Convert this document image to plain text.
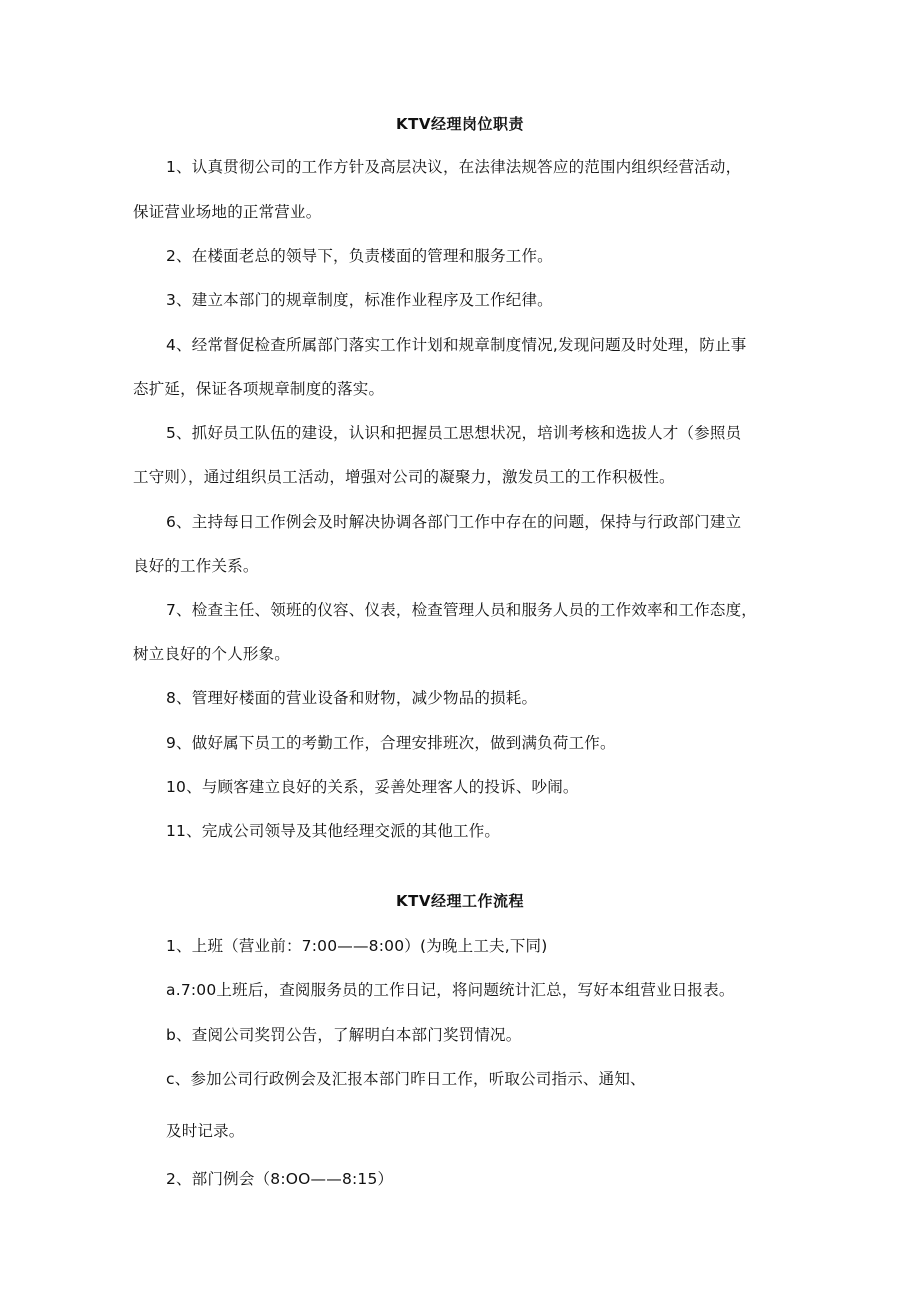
KTV经理岗位职责
1、认真贯彻公司的工作方针及高层决议，在法律法规答应的范围内组织经营活动，
保证营业场地的正常营业。
2、在楼面老总的领导下，负责楼面的管理和服务工作。
3、建立本部门的规章制度，标准作业程序及工作纪律。
4、经常督促检查所属部门落实工作计划和规章制度情况,发现问题及时处理，防止事
态扩延，保证各项规章制度的落实。
5、抓好员工队伍的建设，认识和把握员工思想状况，培训考核和选拔人才（参照员
工守则），通过组织员工活动，增强对公司的凝聚力，激发员工的工作积极性。
6、主持每日工作例会及时解决协调各部门工作中存在的问题，保持与行政部门建立
良好的工作关系。
7、检查主任、领班的仪容、仪表，检查管理人员和服务人员的工作效率和工作态度，
树立良好的个人形象。
8、管理好楼面的营业设备和财物，减少物品的损耗。
9、做好属下员工的考勤工作，合理安排班次，做到满负荷工作。
10、与顾客建立良好的关系，妥善处理客人的投诉、吵闹。
11、完成公司领导及其他经理交派的其他工作。
KTV经理工作流程
1、上班（营业前：7:00——8:00）(为晚上工夫,下同)
a.7:00上班后，查阅服务员的工作日记，将问题统计汇总，写好本组营业日报表。
b、查阅公司奖罚公告，了解明白本部门奖罚情况。
c、参加公司行政例会及汇报本部门昨日工作，听取公司指示、通知、
及时记录。
2、部门例会（8:OO——8:15）
